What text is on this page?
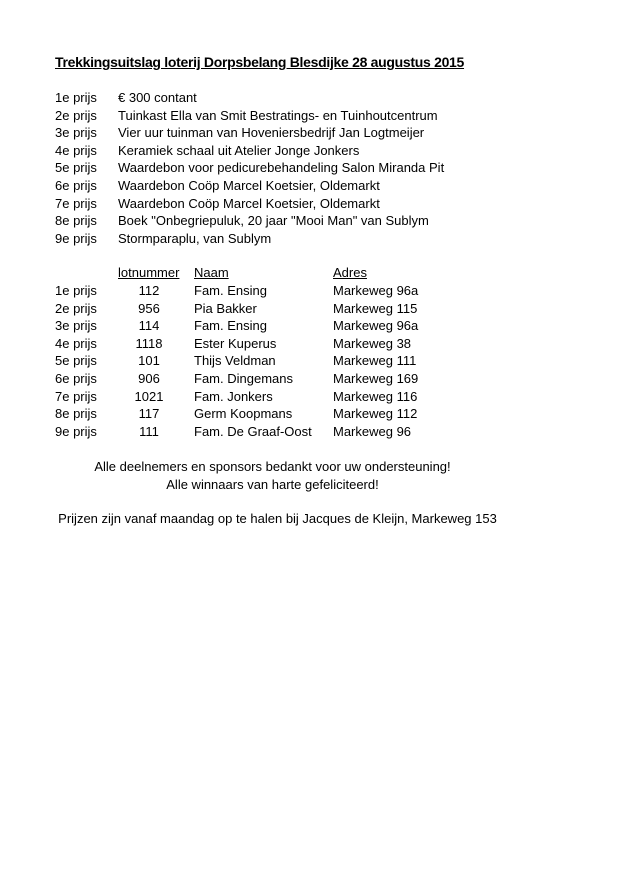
Trekkingsuitslag loterij Dorpsbelang Blesdijke 28 augustus 2015
1e prijs	€ 300 contant
2e prijs	Tuinkast Ella van Smit Bestratings- en Tuinhoutcentrum
3e prijs	Vier uur tuinman van Hoveniersbedrijf Jan Logtmeijer
4e prijs	Keramiek schaal uit Atelier Jonge Jonkers
5e prijs	Waardebon voor pedicurebehandeling Salon Miranda Pit
6e prijs	Waardebon Coöp Marcel Koetsier, Oldemarkt
7e prijs	Waardebon Coöp Marcel Koetsier, Oldemarkt
8e prijs	Boek "Onbegriepuluk, 20 jaar "Mooi Man" van Sublym
9e prijs	Stormparaplu, van Sublym
	lotnummer	Naam	Adres
1e prijs	112	Fam. Ensing	Markeweg 96a
2e prijs	956	Pia Bakker	Markeweg 115
3e prijs	114	Fam. Ensing	Markeweg 96a
4e prijs	1118	Ester Kuperus	Markeweg 38
5e prijs	101	Thijs Veldman	Markeweg 111
6e prijs	906	Fam. Dingemans	Markeweg 169
7e prijs	1021	Fam. Jonkers	Markeweg 116
8e prijs	117	Germ Koopmans	Markeweg 112
9e prijs	111	Fam. De Graaf-Oost	Markeweg 96
Alle deelnemers en sponsors bedankt voor uw ondersteuning!
Alle winnaars van harte gefeliciteerd!
Prijzen zijn vanaf maandag op te halen bij Jacques de Kleijn, Markeweg 153
